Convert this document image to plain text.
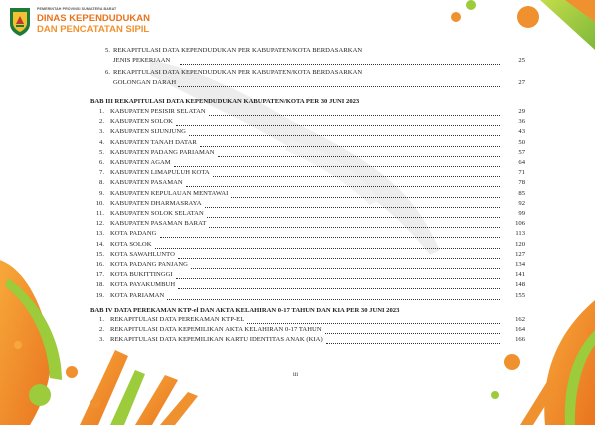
PEMERINTAH PROVINSI SUMATERA BARAT
DINAS KEPENDUDUKAN
DAN PENCATATAN SIPIL
5. REKAPITULASI DATA KEPENDUDUKAN PER KABUPATEN/KOTA BERDASARKAN
JENIS PEKERJAAN	25
6. REKAPITULASI DATA KEPENDUDUKAN PER KABUPATEN/KOTA BERDASARKAN
GOLONGAN DARAH	27
BAB III REKAPITULASI DATA KEPENDUDUKAN KABUPATEN/KOTA PER 30 JUNI 2023
1. KABUPATEN PESISIR SELATAN	29
2. KABUPATEN SOLOK	36
3. KABUPATEN SIJUNJUNG	43
4. KABUPATEN TANAH DATAR	50
5. KABUPATEN PADANG PARIAMAN	57
6. KABUPATEN AGAM	64
7. KABUPATEN LIMAPULUH KOTA	71
8. KABUPATEN PASAMAN	78
9. KABUPATEN KEPULAUAN MENTAWAI	85
10. KABUPATEN DHARMASRAYA	92
11. KABUPATEN SOLOK SELATAN	99
12. KABUPATEN PASAMAN BARAT	106
13. KOTA PADANG	113
14. KOTA SOLOK	120
15. KOTA SAWAHLUNTO	127
16. KOTA PADANG PANJANG	134
17. KOTA BUKITTINGGI	141
18. KOTA PAYAKUMBUH	148
19. KOTA PARIAMAN	155
BAB IV DATA PEREKAMAN KTP-el DAN AKTA KELAHIRAN 0-17 TAHUN DAN KIA PER 30 JUNI 2023
1. REKAPITULASI DATA PEREKAMAN KTP-EL	162
2. REKAPITULASI DATA KEPEMILIKAN AKTA KELAHIRAN 0-17 TAHUN	164
3. REKAPITULASI DATA KEPEMILIKAN KARTU IDENTITAS ANAK (KIA)	166
iii
